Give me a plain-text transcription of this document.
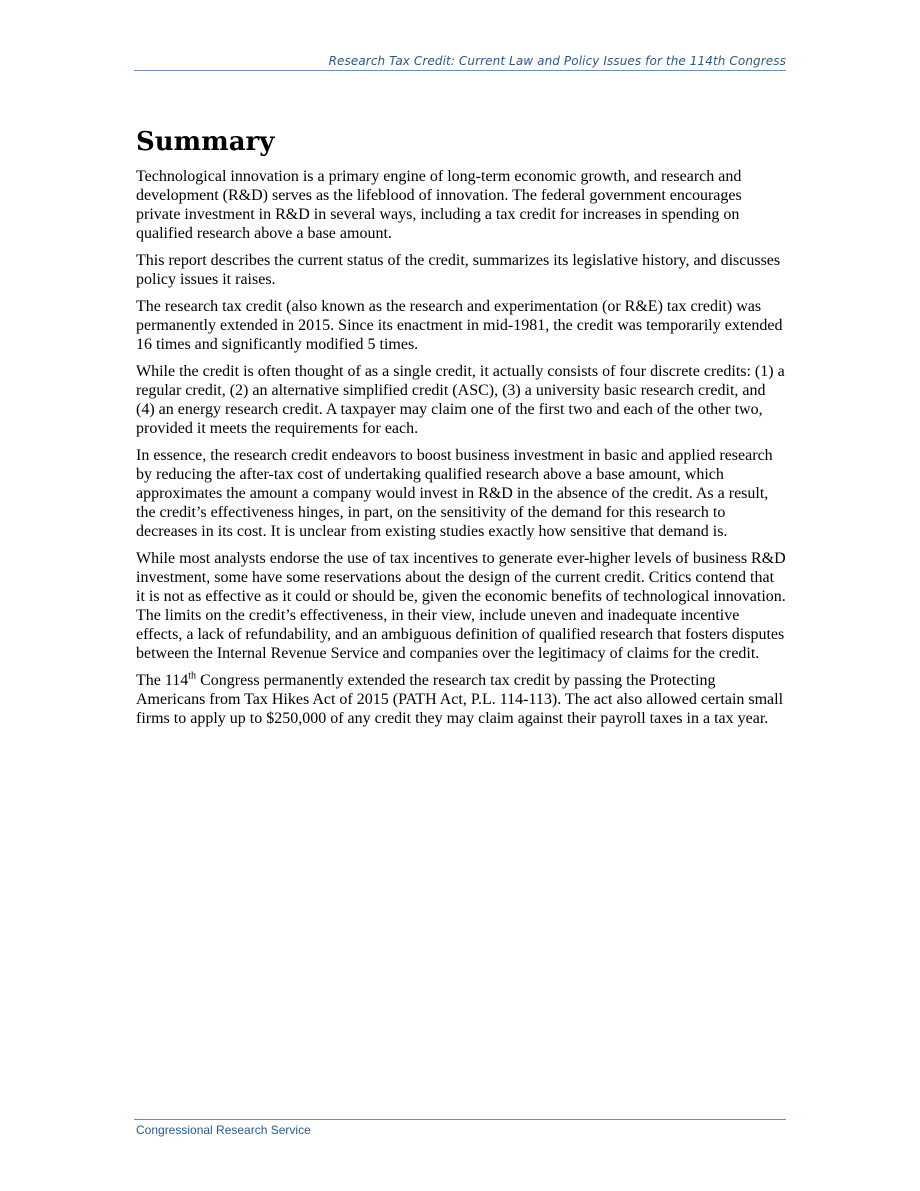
Research Tax Credit: Current Law and Policy Issues for the 114th Congress
Summary

Technological innovation is a primary engine of long-term economic growth, and research and development (R&D) serves as the lifeblood of innovation. The federal government encourages private investment in R&D in several ways, including a tax credit for increases in spending on qualified research above a base amount.

This report describes the current status of the credit, summarizes its legislative history, and discusses policy issues it raises.

The research tax credit (also known as the research and experimentation (or R&E) tax credit) was permanently extended in 2015. Since its enactment in mid-1981, the credit was temporarily extended 16 times and significantly modified 5 times.

While the credit is often thought of as a single credit, it actually consists of four discrete credits: (1) a regular credit, (2) an alternative simplified credit (ASC), (3) a university basic research credit, and (4) an energy research credit. A taxpayer may claim one of the first two and each of the other two, provided it meets the requirements for each.

In essence, the research credit endeavors to boost business investment in basic and applied research by reducing the after-tax cost of undertaking qualified research above a base amount, which approximates the amount a company would invest in R&D in the absence of the credit. As a result, the credit’s effectiveness hinges, in part, on the sensitivity of the demand for this research to decreases in its cost. It is unclear from existing studies exactly how sensitive that demand is.

While most analysts endorse the use of tax incentives to generate ever-higher levels of business R&D investment, some have some reservations about the design of the current credit. Critics contend that it is not as effective as it could or should be, given the economic benefits of technological innovation. The limits on the credit’s effectiveness, in their view, include uneven and inadequate incentive effects, a lack of refundability, and an ambiguous definition of qualified research that fosters disputes between the Internal Revenue Service and companies over the legitimacy of claims for the credit.

The 114th Congress permanently extended the research tax credit by passing the Protecting Americans from Tax Hikes Act of 2015 (PATH Act, P.L. 114-113). The act also allowed certain small firms to apply up to $250,000 of any credit they may claim against their payroll taxes in a tax year.

Congressional Research Service
